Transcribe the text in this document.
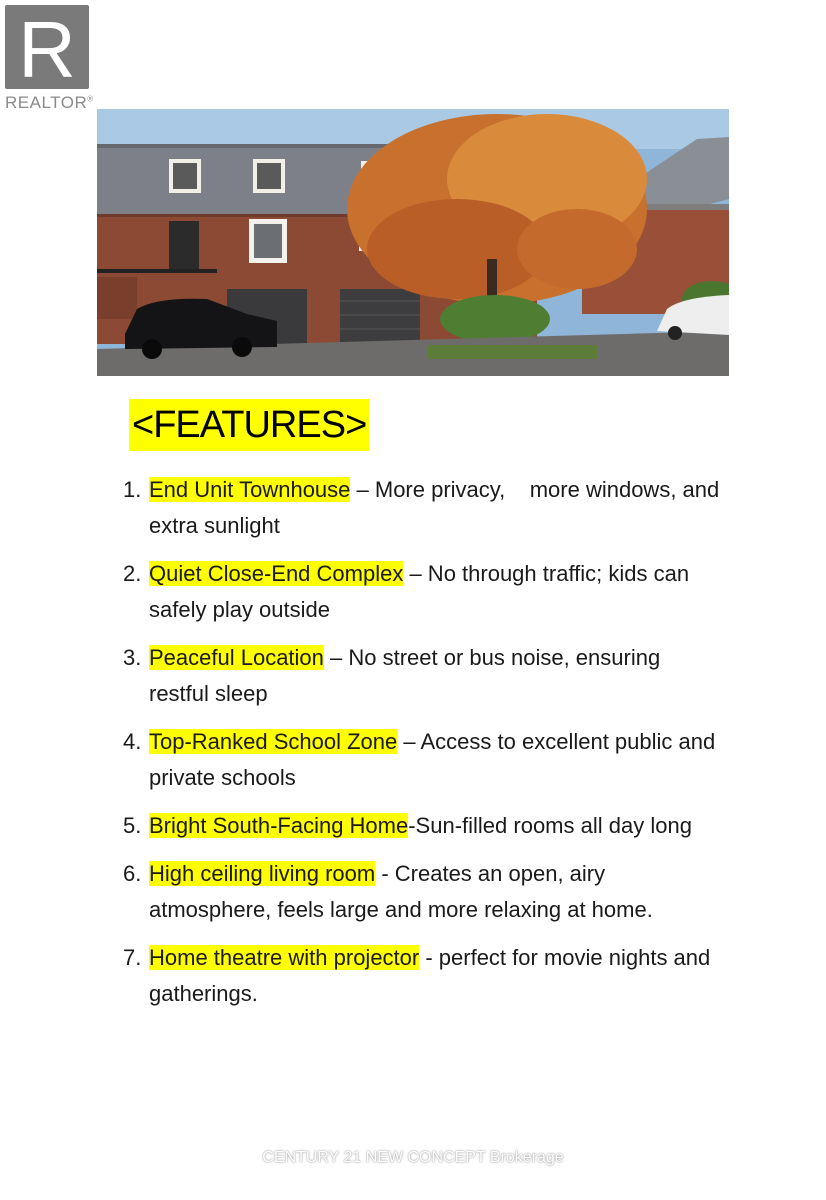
R
REALTOR®
<FEATURES>
1. End Unit Townhouse – More privacy,    more windows, and extra sunlight
2. Quiet Close-End Complex – No through traffic; kids can safely play outside
3. Peaceful Location – No street or bus noise, ensuring restful sleep
4. Top-Ranked School Zone – Access to excellent public and private schools
5. Bright South-Facing Home-Sun-filled rooms all day long
6. High ceiling living room - Creates an open, airy atmosphere, feels large and more relaxing at home.
7. Home theatre with projector - perfect for movie nights and gatherings.
CENTURY 21 NEW CONCEPT Brokerage
